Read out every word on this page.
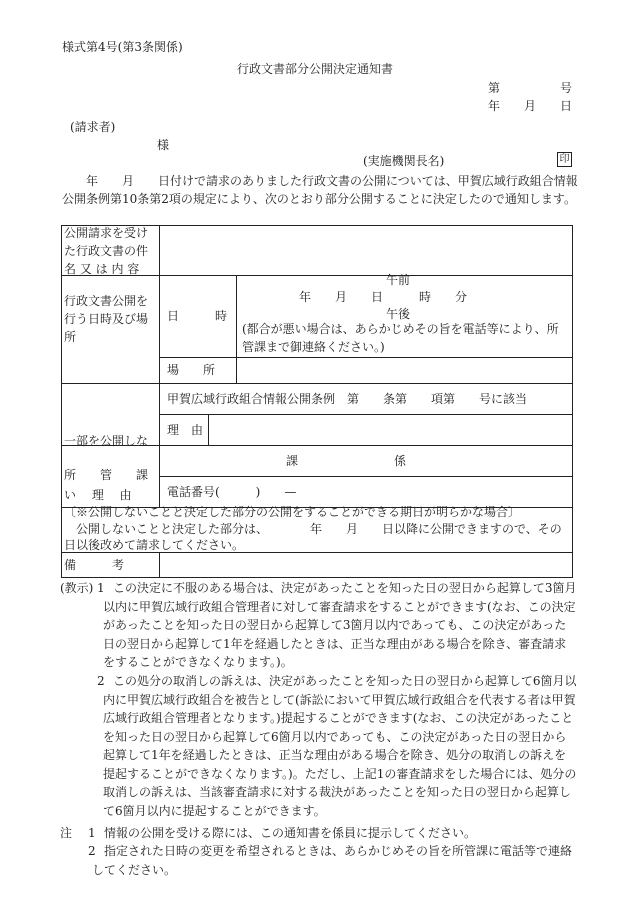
様式第4号(第3条関係)
行政文書部分公開決定通知書
第　　　　　号
年　　月　　日
(請求者)
様
(実施機関長名)	印
　　年　　月　　日付けで請求のありました行政文書の公開については、甲賀広域行政組合情報公開条例第10条第2項の規定により、次のとおり部分公開することに決定したので通知します。
公開請求を受け
た行政文書の件
名 又 は 内 容
行政文書公開を
行う日時及び場
所
日　　　時
午前
年　　月　　日　　　時　　分
午後
(都合が悪い場合は、あらかじめその旨を電話等により、所管課まで御連絡ください。)
場　　所

一部を公開しな

い　 理　 由

甲賀広域行政組合情報公開条例　第　　条第　　項第　　号に該当
理　由
所　　管　　課
課　　　　　　　　係
電話番号(　　　)　　—
〔※公開しないことと決定した部分の公開をすることができる期日が明らかな場合〕
公開しないことと決定した部分は、　　　　年　　月　　日以降に公開できますので、その
日以後改めて請求してください。
備　　　考
(教示) 1 この決定に不服のある場合は、決定があったことを知った日の翌日から起算して3箇月以内に甲賀広域行政組合管理者に対して審査請求をすることができます(なお、この決定があったことを知った日の翌日から起算して3箇月以内であっても、この決定があった日の翌日から起算して1年を経過したときは、正当な理由がある場合を除き、審査請求をすることができなくなります。)。
2 この処分の取消しの訴えは、決定があったことを知った日の翌日から起算して6箇月以内に甲賀広域行政組合を被告として(訴訟において甲賀広域行政組合を代表する者は甲賀広域行政組合管理者となります。)提起することができます(なお、この決定があったことを知った日の翌日から起算して6箇月以内であっても、この決定があった日の翌日から起算して1年を経過したときは、正当な理由がある場合を除き、処分の取消しの訴えを提起することができなくなります。)。ただし、上記1の審査請求をした場合には、処分の取消しの訴えは、当該審査請求に対する裁決があったことを知った日の翌日から起算して6箇月以内に提起することができます。
注 1 情報の公開を受ける際には、この通知書を係員に提示してください。
2 指定された日時の変更を希望されるときは、あらかじめその旨を所管課に電話等で連絡してください。
